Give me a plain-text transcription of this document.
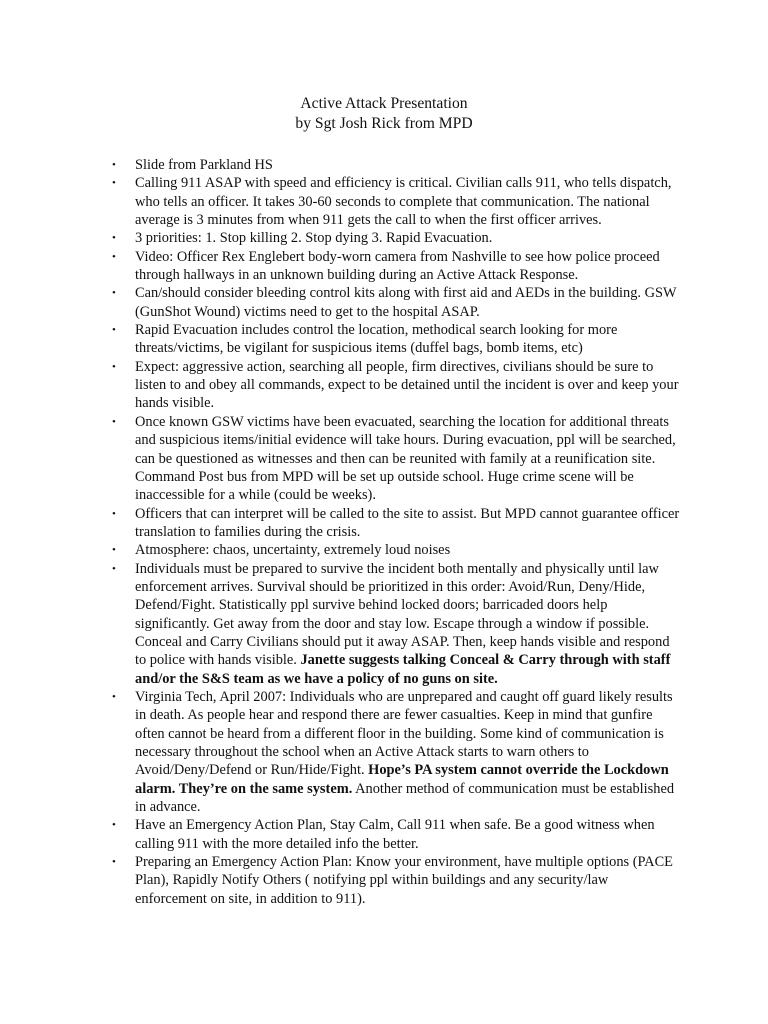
Active Attack Presentation
by Sgt Josh Rick from MPD
• Slide from Parkland HS
• Calling 911 ASAP with speed and efficiency is critical. Civilian calls 911, who tells dispatch, who tells an officer. It takes 30-60 seconds to complete that communication. The national average is 3 minutes from when 911 gets the call to when the first officer arrives.
• 3 priorities: 1. Stop killing 2. Stop dying 3. Rapid Evacuation.
• Video: Officer Rex Englebert body-worn camera from Nashville to see how police proceed through hallways in an unknown building during an Active Attack Response.
• Can/should consider bleeding control kits along with first aid and AEDs in the building. GSW (GunShot Wound) victims need to get to the hospital ASAP.
• Rapid Evacuation includes control the location, methodical search looking for more threats/victims, be vigilant for suspicious items (duffel bags, bomb items, etc)
• Expect: aggressive action, searching all people, firm directives, civilians should be sure to listen to and obey all commands, expect to be detained until the incident is over and keep your hands visible.
• Once known GSW victims have been evacuated, searching the location for additional threats and suspicious items/initial evidence will take hours. During evacuation, ppl will be searched, can be questioned as witnesses and then can be reunited with family at a reunification site. Command Post bus from MPD will be set up outside school. Huge crime scene will be inaccessible for a while (could be weeks).
• Officers that can interpret will be called to the site to assist. But MPD cannot guarantee officer translation to families during the crisis.
• Atmosphere: chaos, uncertainty, extremely loud noises
• Individuals must be prepared to survive the incident both mentally and physically until law enforcement arrives. Survival should be prioritized in this order: Avoid/Run, Deny/Hide, Defend/Fight. Statistically ppl survive behind locked doors; barricaded doors help significantly. Get away from the door and stay low. Escape through a window if possible. Conceal and Carry Civilians should put it away ASAP. Then, keep hands visible and respond to police with hands visible. Janette suggests talking Conceal & Carry through with staff and/or the S&S team as we have a policy of no guns on site.
• Virginia Tech, April 2007: Individuals who are unprepared and caught off guard likely results in death. As people hear and respond there are fewer casualties. Keep in mind that gunfire often cannot be heard from a different floor in the building. Some kind of communication is necessary throughout the school when an Active Attack starts to warn others to Avoid/Deny/Defend or Run/Hide/Fight. Hope’s PA system cannot override the Lockdown alarm. They’re on the same system. Another method of communication must be established in advance.
• Have an Emergency Action Plan, Stay Calm, Call 911 when safe. Be a good witness when calling 911 with the more detailed info the better.
• Preparing an Emergency Action Plan: Know your environment, have multiple options (PACE Plan), Rapidly Notify Others ( notifying ppl within buildings and any security/law enforcement on site, in addition to 911).
